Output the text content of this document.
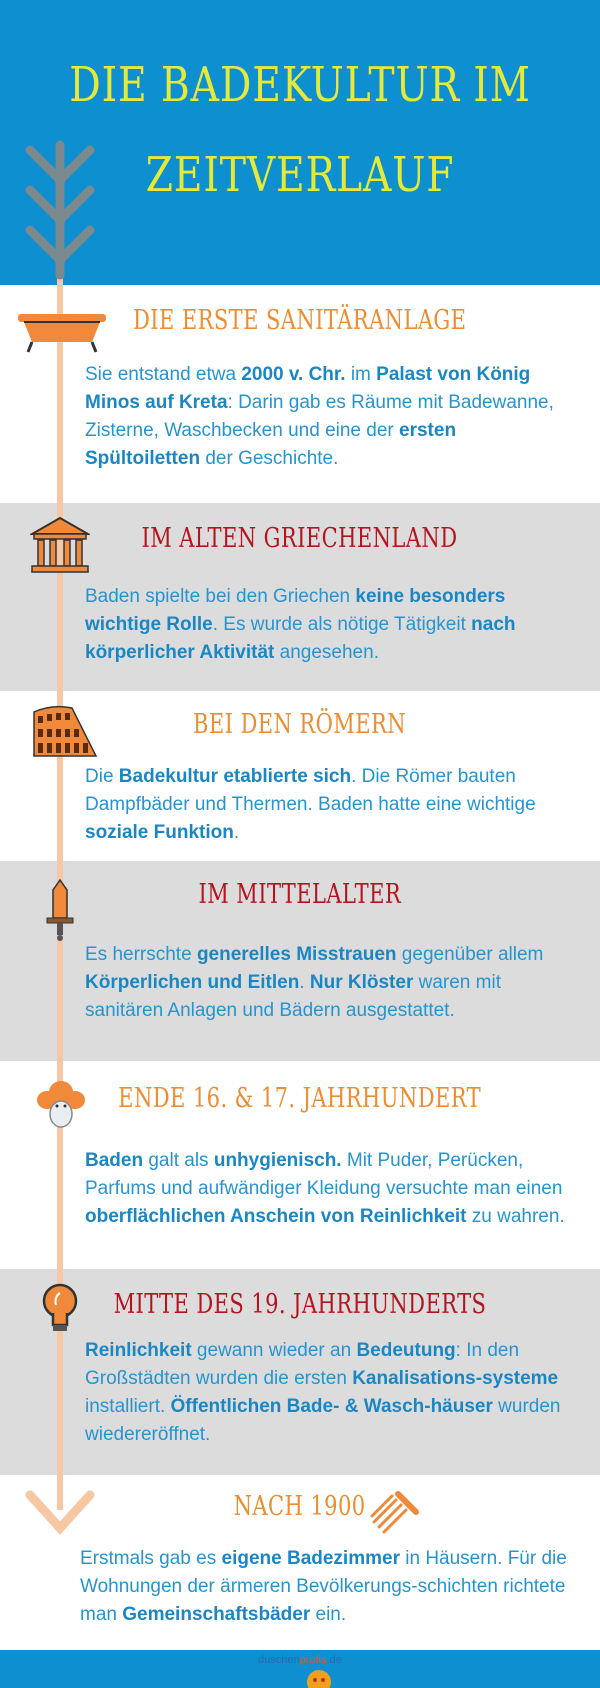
DIE BADEKULTUR IM
ZEITVERLAUF
DIE ERSTE SANITÄRANLAGE
Sie entstand etwa 2000 v. Chr. im Palast von König Minos auf Kreta: Darin gab es Räume mit Badewanne, Zisterne, Waschbecken und eine der ersten Spültoiletten der Geschichte.
IM ALTEN GRIECHENLAND
Baden spielte bei den Griechen keine besonders wichtige Rolle. Es wurde als nötige Tätigkeit nach körperlicher Aktivität angesehen.
BEI DEN RÖMERN
Die Badekultur etablierte sich. Die Römer bauten Dampfbäder und Thermen. Baden hatte eine wichtige soziale Funktion.
IM MITTELALTER
Es herrschte generelles Misstrauen gegenüber allem Körperlichen und Eitlen. Nur Klöster waren mit sanitären Anlagen und Bädern ausgestattet.
ENDE 16. & 17. JAHRHUNDERT
Baden galt als unhygienisch. Mit Puder, Perücken, Parfums und aufwändiger Kleidung versuchte man einen oberflächlichen Anschein von Reinlichkeit zu wahren.
MITTE DES 19. JAHRHUNDERTS
Reinlichkeit gewann wieder an Bedeutung: In den Großstädten wurden die ersten Kanalisations-systeme installiert. Öffentlichen Bade- & Wasch-häuser wurden wiedereröffnet.
NACH 1900
Erstmals gab es eigene Badezimmer in Häusern. Für die Wohnungen der ärmeren Bevölkerungs-schichten richtete man Gemeinschaftsbäder ein.
duschenprofis.de
